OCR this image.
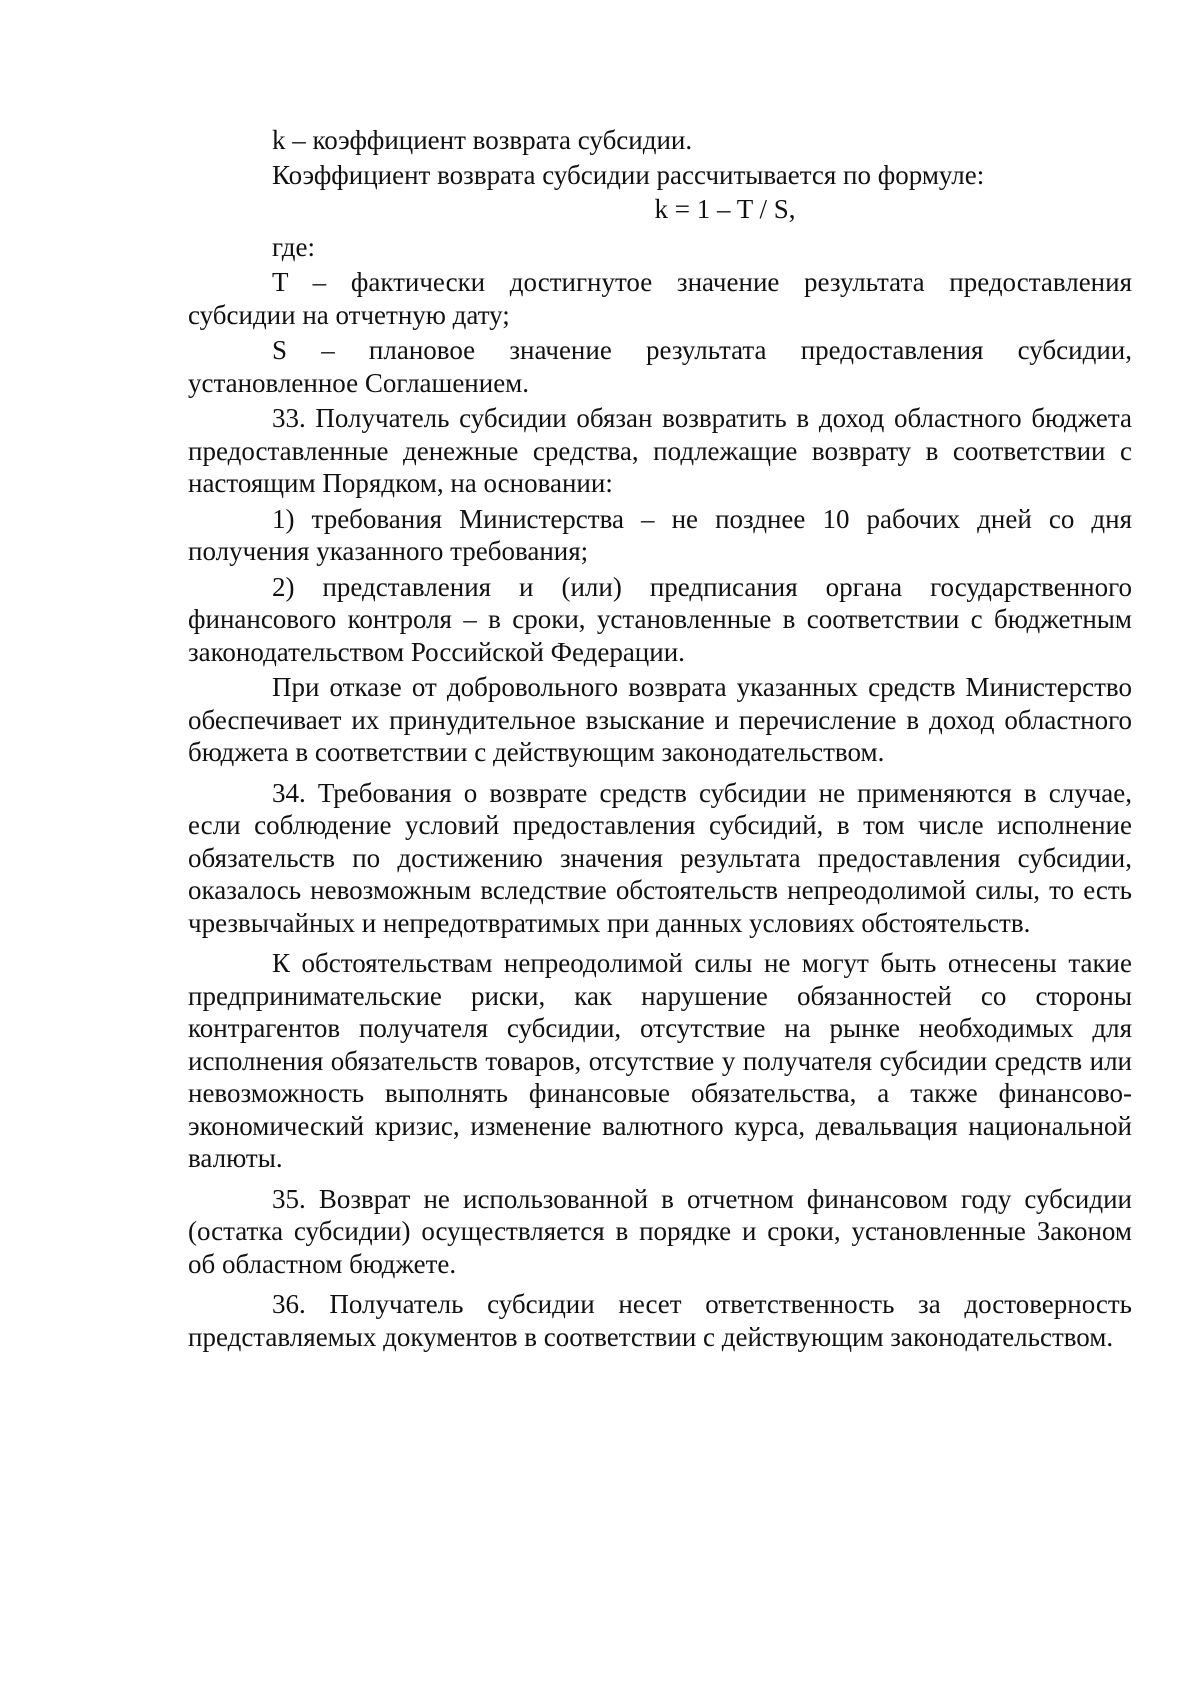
k – коэффициент возврата субсидии.

Коэффициент возврата субсидии рассчитывается по формуле:

k = 1 – T / S,

где:

T – фактически достигнутое значение результата предоставления субсидии на отчетную дату;

S – плановое значение результата предоставления субсидии, установленное Соглашением.

33. Получатель субсидии обязан возвратить в доход областного бюджета предоставленные денежные средства, подлежащие возврату в соответствии с настоящим Порядком, на основании:

1) требования Министерства – не позднее 10 рабочих дней со дня получения указанного требования;

2) представления и (или) предписания органа государственного финансового контроля – в сроки, установленные в соответствии с бюджетным законодательством Российской Федерации.

При отказе от добровольного возврата указанных средств Министерство обеспечивает их принудительное взыскание и перечисление в доход областного бюджета в соответствии с действующим законодательством.

34. Требования о возврате средств субсидии не применяются в случае, если соблюдение условий предоставления субсидий, в том числе исполнение обязательств по достижению значения результата предоставления субсидии, оказалось невозможным вследствие обстоятельств непреодолимой силы, то есть чрезвычайных и непредотвратимых при данных условиях обстоятельств.

К обстоятельствам непреодолимой силы не могут быть отнесены такие предпринимательские риски, как нарушение обязанностей со стороны контрагентов получателя субсидии, отсутствие на рынке необходимых для исполнения обязательств товаров, отсутствие у получателя субсидии средств или невозможность выполнять финансовые обязательства, а также финансово-экономический кризис, изменение валютного курса, девальвация национальной валюты.

35. Возврат не использованной в отчетном финансовом году субсидии (остатка субсидии) осуществляется в порядке и сроки, установленные Законом об областном бюджете.

36. Получатель субсидии несет ответственность за достоверность представляемых документов в соответствии с действующим законодательством.
